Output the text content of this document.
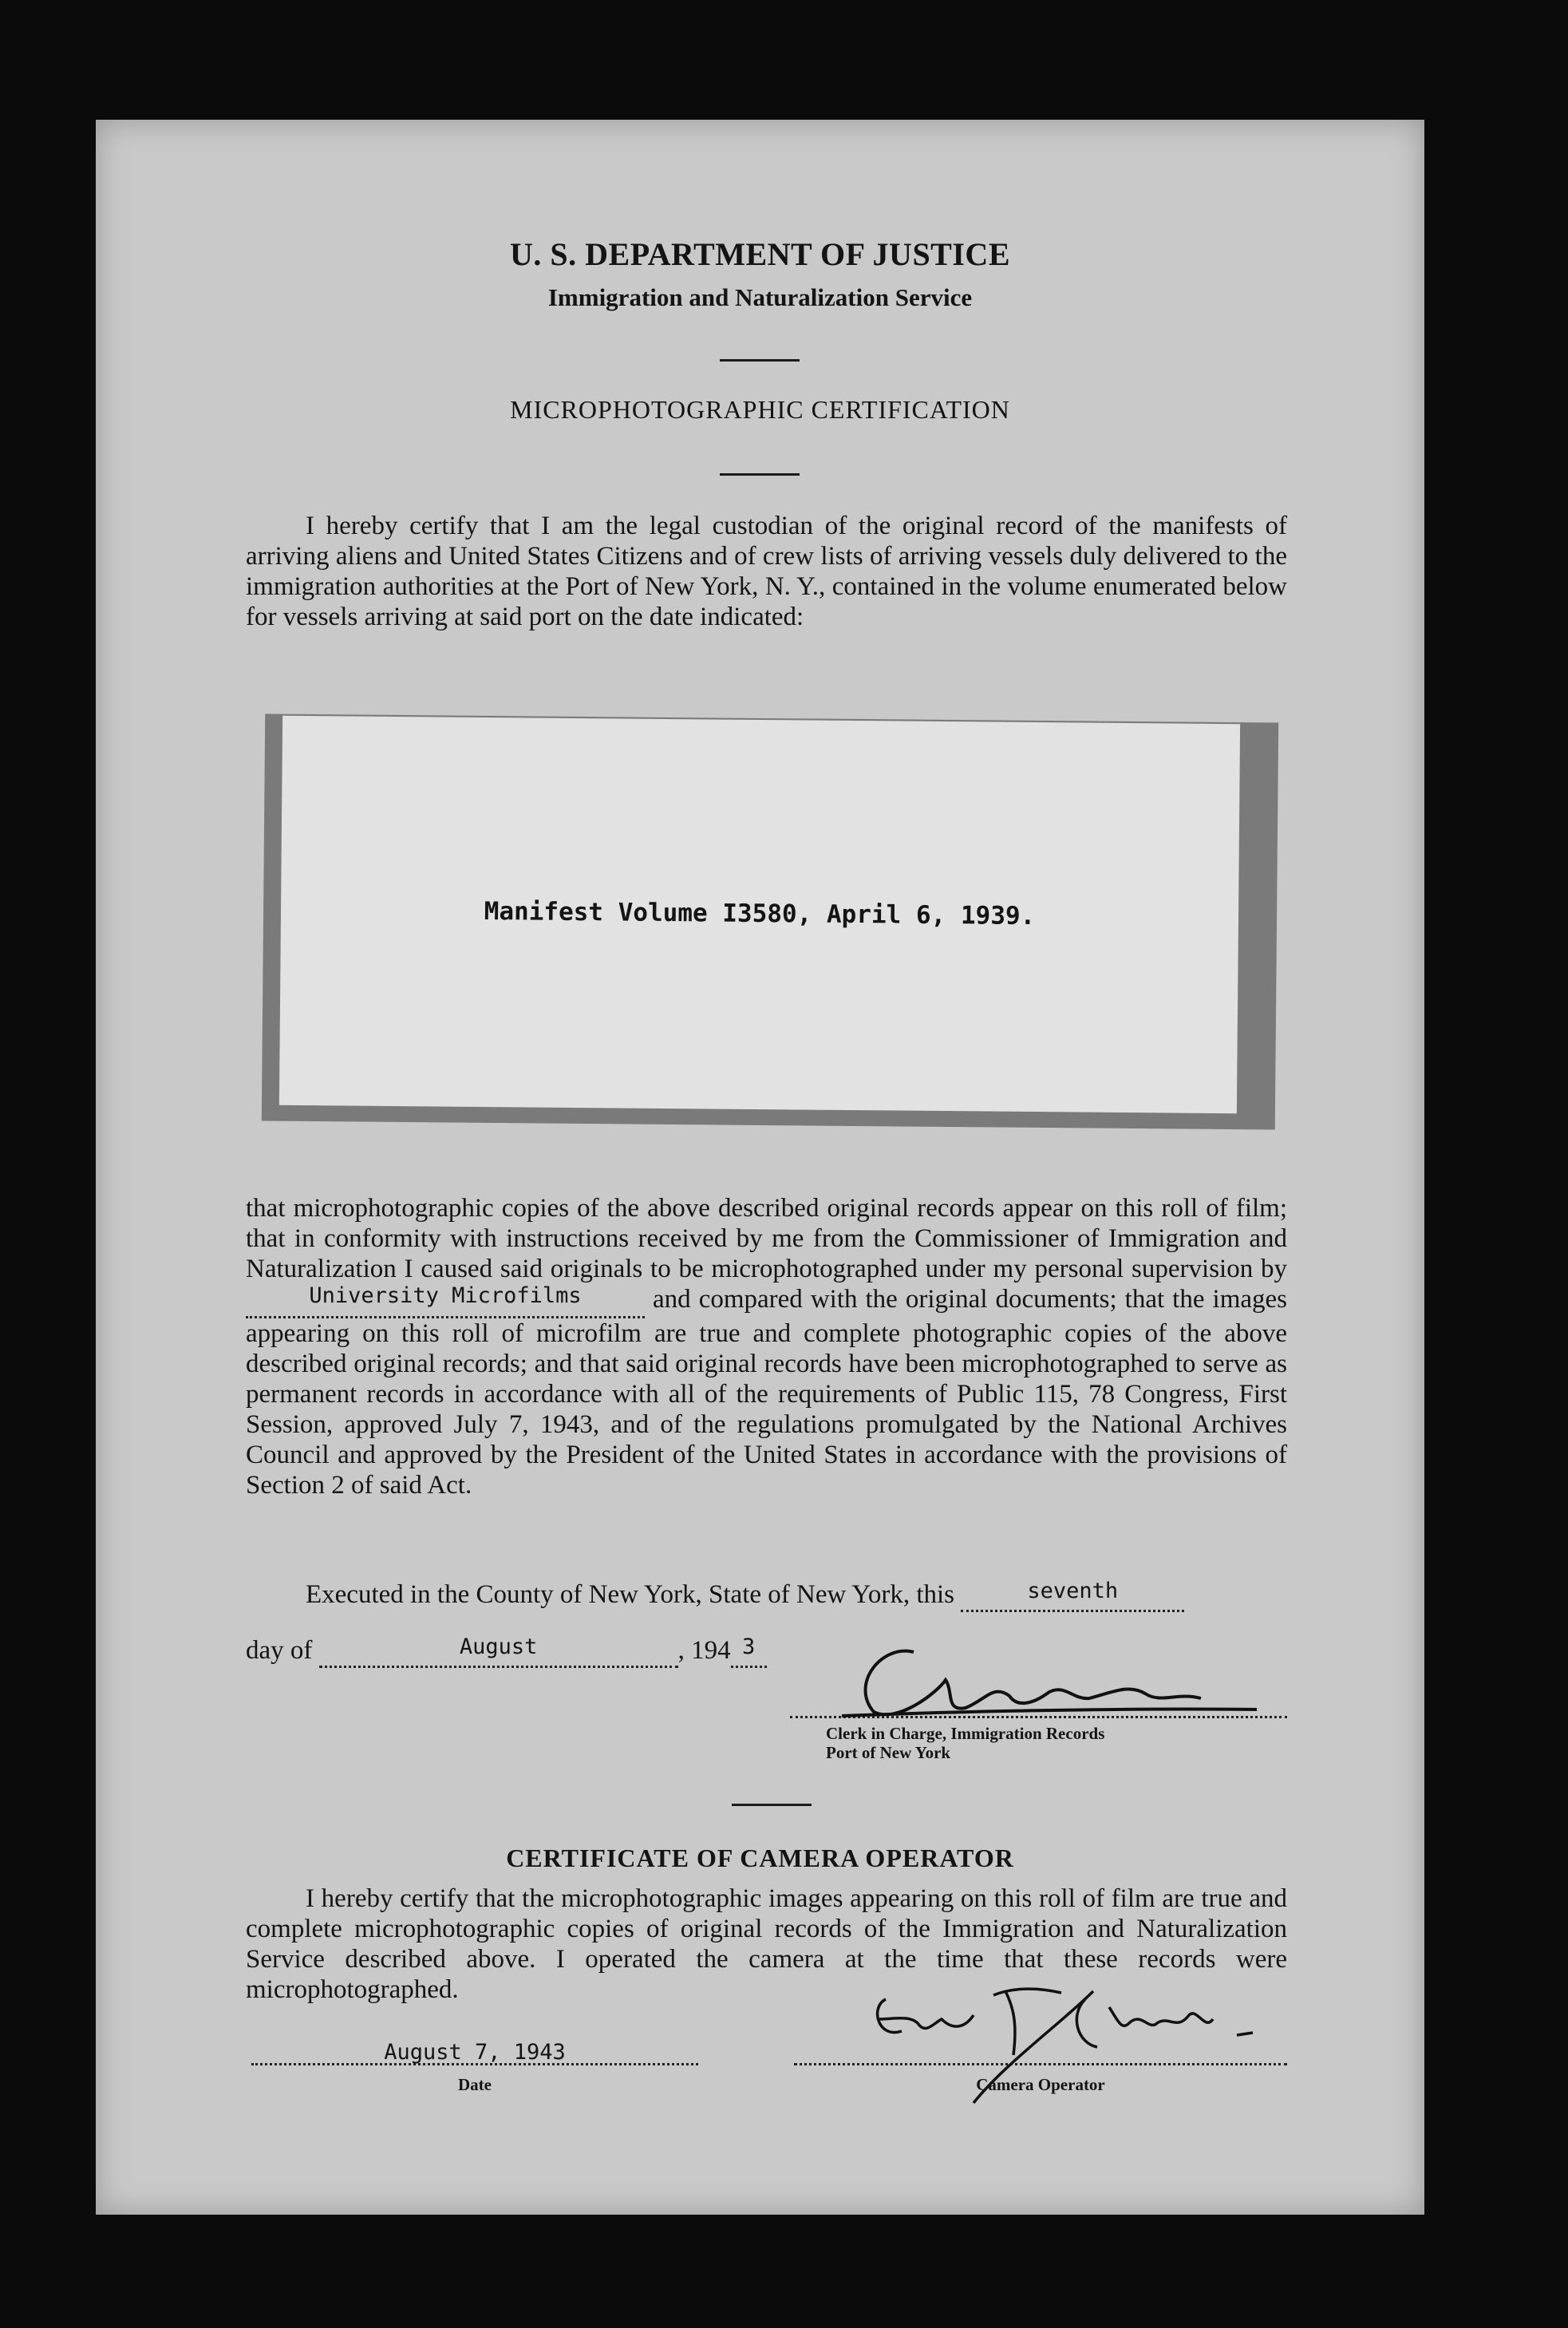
U. S. DEPARTMENT OF JUSTICE
Immigration and Naturalization Service
MICROPHOTOGRAPHIC CERTIFICATION

I hereby certify that I am the legal custodian of the original record of the manifests of arriving aliens and United States Citizens and of crew lists of arriving vessels duly delivered to the immigration authorities at the Port of New York, N. Y., contained in the volume enumerated below for vessels arriving at said port on the date indicated:

Manifest Volume I3580, April 6, 1939.
that microphotographic copies of the above described original records appear on this roll of film; that in conformity with instructions received by me from the Commissioner of Immigration and Naturalization I caused said originals to be microphotographed under my personal supervision by University Microfilms	and compared with the original documents; that the images appearing on this roll of microfilm are true and complete photographic copies of the above described original records; and that said original records have been microphotographed to serve as permanent records in accordance with all of the requirements of Public 115, 78 Congress, First Session, approved July 7, 1943, and of the regulations promulgated by the National Archives Council and approved by the President of the United States in accordance with the provisions of Section 2 of said Act.
Executed in the County of New York, State of New York, this	seventh
day of	August	, 194 3
Clerk in Charge, Immigration Records
Port of New York
CERTIFICATE OF CAMERA OPERATOR

I hereby certify that the microphotographic images appearing on this roll of film are true and complete microphotographic copies of original records of the Immigration and Naturalization Service described above. I operated the camera at the time that these records were microphotographed.

August 7, 1943
Date	Camera Operator
